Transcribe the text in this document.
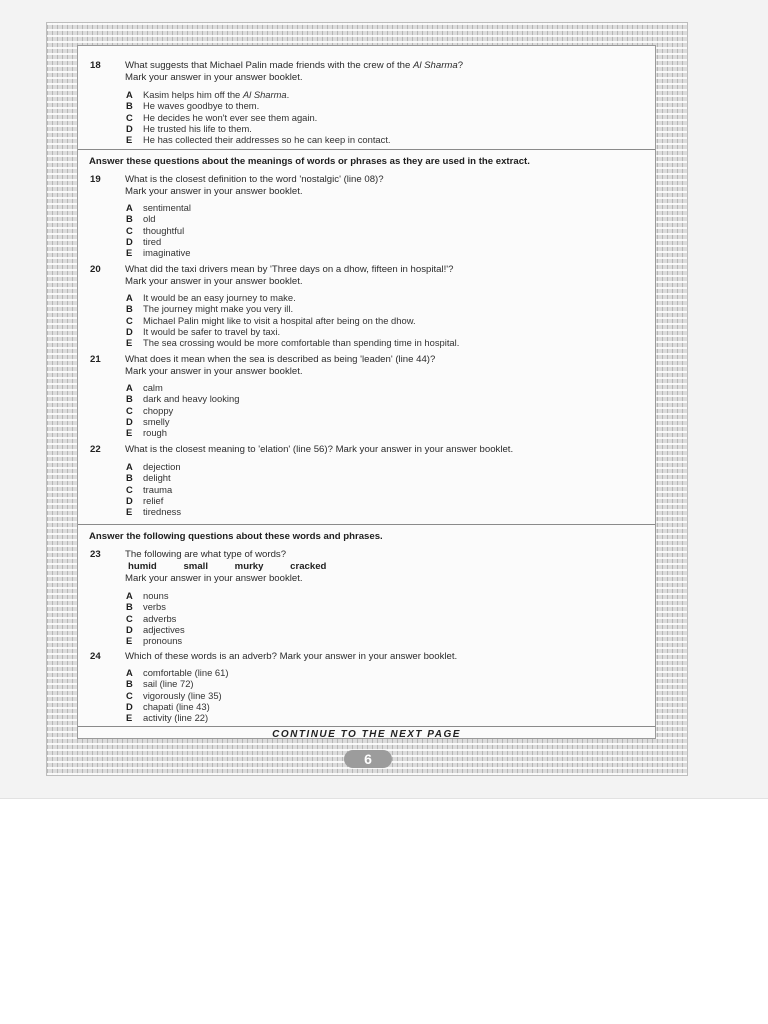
18	What suggests that Michael Palin made friends with the crew of the Al Sharma?
Mark your answer in your answer booklet.
A Kasim helps him off the Al Sharma.
B He waves goodbye to them.
C He decides he won't ever see them again.
D He trusted his life to them.
E He has collected their addresses so he can keep in contact.
Answer these questions about the meanings of words or phrases as they are used in the extract.
19	What is the closest definition to the word 'nostalgic' (line 08)?
Mark your answer in your answer booklet.
A sentimental
B old
C thoughtful
D tired
E imaginative
20	What did the taxi drivers mean by 'Three days on a dhow, fifteen in hospital!'?
Mark your answer in your answer booklet.
A It would be an easy journey to make.
B The journey might make you very ill.
C Michael Palin might like to visit a hospital after being on the dhow.
D It would be safer to travel by taxi.
E The sea crossing would be more comfortable than spending time in hospital.
21	What does it mean when the sea is described as being 'leaden' (line 44)?
Mark your answer in your answer booklet.
A calm
B dark and heavy looking
C choppy
D smelly
E rough
22	What is the closest meaning to 'elation' (line 56)? Mark your answer in your answer booklet.
A dejection
B delight
C trauma
D relief
E tiredness
Answer the following questions about these words and phrases.
23	The following are what type of words?
humid	small	murky	cracked
Mark your answer in your answer booklet.
A nouns
B verbs
C adverbs
D adjectives
E pronouns
24	Which of these words is an adverb? Mark your answer in your answer booklet.
A comfortable (line 61)
B sail (line 72)
C vigorously (line 35)
D chapati (line 43)
E activity (line 22)
CONTINUE TO THE NEXT PAGE
6
